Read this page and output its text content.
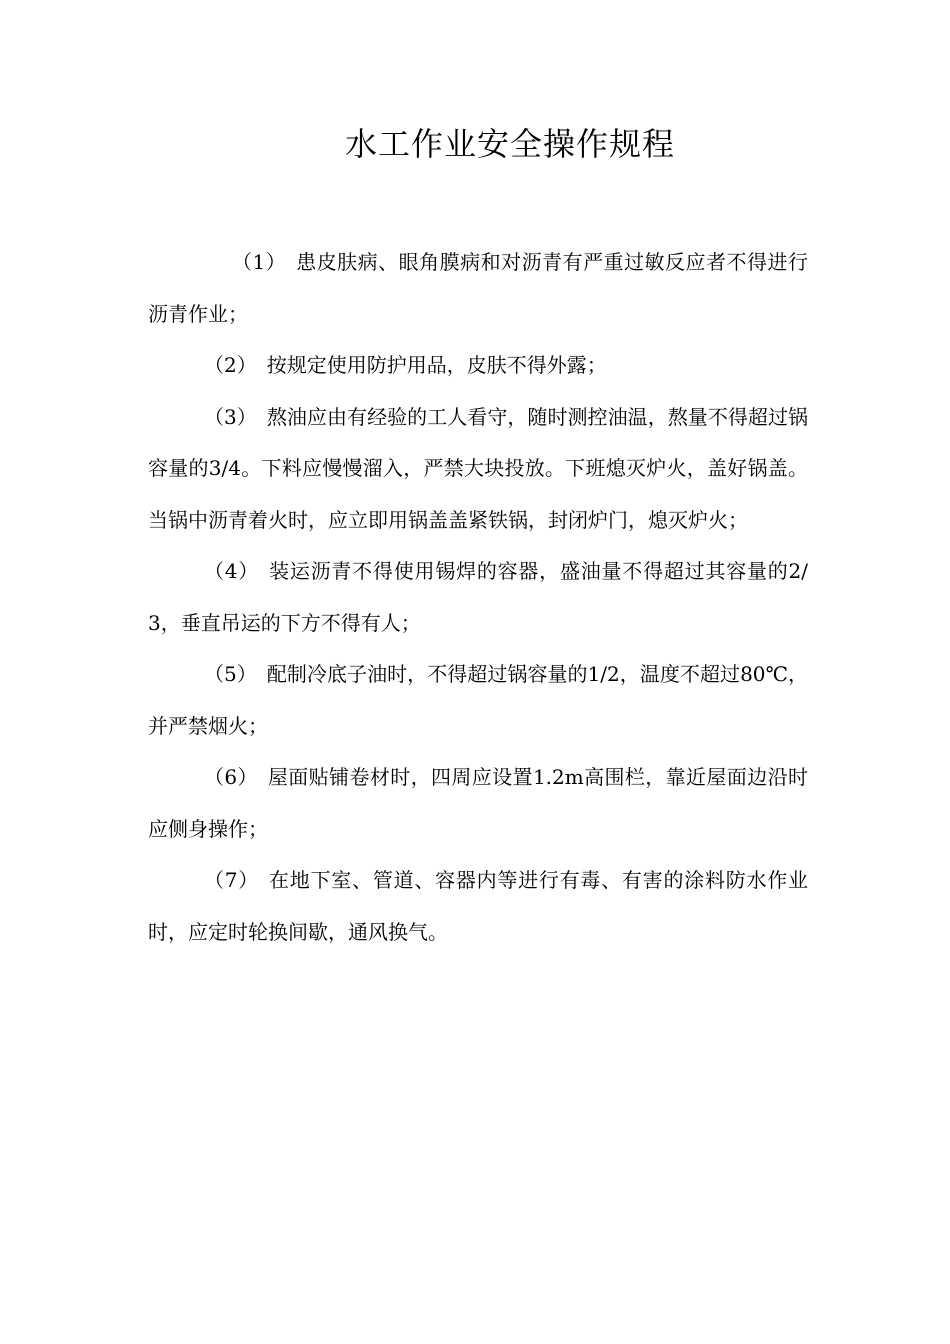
水工作业安全操作规程

（1） 患皮肤病、眼角膜病和对沥青有严重过敏反应者不得进行沥青作业；

（2） 按规定使用防护用品，皮肤不得外露；

（3） 熬油应由有经验的工人看守，随时测控油温，熬量不得超过锅容量的3/4。下料应慢慢溜入，严禁大块投放。下班熄灭炉火，盖好锅盖。当锅中沥青着火时，应立即用锅盖盖紧铁锅，封闭炉门，熄灭炉火；

（4） 装运沥青不得使用锡焊的容器，盛油量不得超过其容量的2/3，垂直吊运的下方不得有人；

（5） 配制冷底子油时，不得超过锅容量的1/2，温度不超过80℃，并严禁烟火；

（6） 屋面贴铺卷材时，四周应设置1.2m高围栏，靠近屋面边沿时应侧身操作；

（7） 在地下室、管道、容器内等进行有毒、有害的涂料防水作业时，应定时轮换间歇，通风换气。
